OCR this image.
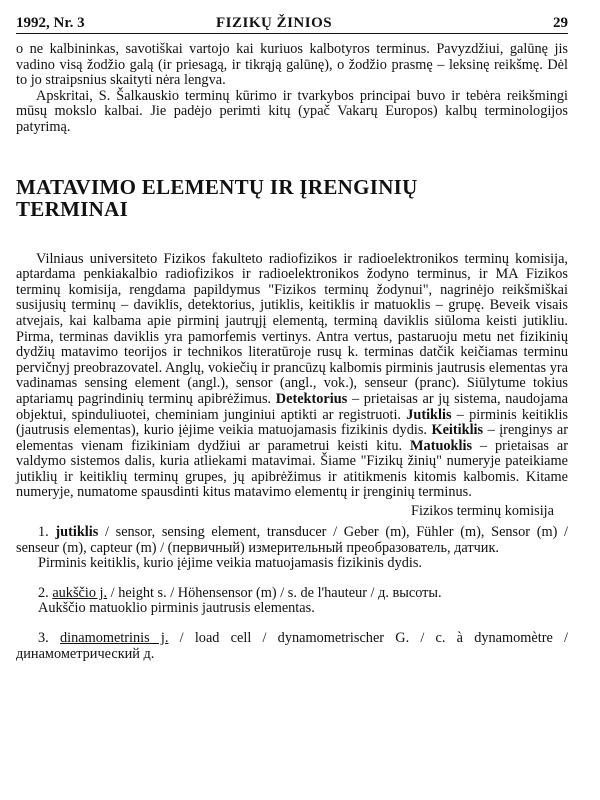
1992, Nr. 3	FIZIKŲ ŽINIOS	29

o ne kalbininkas, savotiškai vartojo kai kuriuos kalbotyros terminus. Pavyzdžiui, galūnę jis vadino visą žodžio galą (ir priesagą, ir tikrąją galūnę), o žodžio prasmę – leksinę reikšmę. Dėl to jo straipsnius skaityti nėra lengva.

Apskritai, S. Šalkauskio terminų kūrimo ir tvarkybos principai buvo ir tebėra reikšmingi mūsų mokslo kalbai. Jie padėjo perimti kitų (ypač Vakarų Europos) kalbų terminologijos patyrimą.

MATAVIMO ELEMENTŲ IR ĮRENGINIŲ TERMINAI

Vilniaus universiteto Fizikos fakulteto radiofizikos ir radioelektronikos terminų komisija, aptardama penkiakalbio radiofizikos ir radioelektronikos žodyno terminus, ir MA Fizikos terminų komisija, rengdama papildymus "Fizikos terminų žodynui", nagrinėjo reikšmiškai susijusių terminų – daviklis, detektorius, jutiklis, keitiklis ir matuoklis – grupę. Beveik visais atvejais, kai kalbama apie pirminį jautrųjį elementą, terminą daviklis siūloma keisti jutikliu. Pirma, terminas daviklis yra pamorfemis vertinys. Antra vertus, pastaruoju metu net fizikinių dydžių matavimo teorijos ir technikos literatūroje rusų k. terminas datčik keičiamas terminu pervičnyj preobrazovatel. Anglų, vokiečių ir prancūzų kalbomis pirminis jautrusis elementas yra vadinamas sensing element (angl.), sensor (angl., vok.), senseur (pranc). Siūlytume tokius aptariamų pagrindinių terminų apibrėžimus. Detektorius – prietaisas ar jų sistema, naudojama objektui, spinduliuotei, cheminiam junginiui aptikti ar registruoti. Jutiklis – pirminis keitiklis (jautrusis elementas), kurio įėjime veikia matuojamasis fizikinis dydis. Keitiklis – įrenginys ar elementas vienam fizikiniam dydžiui ar parametrui keisti kitu. Matuoklis – prietaisas ar valdymo sistemos dalis, kuria atliekami matavimai. Šiame "Fizikų žinių" numeryje pateikiame jutiklių ir keitiklių terminų grupes, jų apibrėžimus ir atitikmenis kitomis kalbomis. Kitame numeryje, numatome spausdinti kitus matavimo elementų ir įrenginių terminus.

Fizikos terminų komisija

1. jutiklis / sensor, sensing element, transducer / Geber (m), Fühler (m), Sensor (m) / senseur (m), capteur (m) / (первичный) измерительный преобразователь, датчик.

Pirminis keitiklis, kurio įėjime veikia matuojamasis fizikinis dydis.

2. aukščio j. / height s. / Höhensensor (m) / s. de l'hauteur / д. высоты.

Aukščio matuoklio pirminis jautrusis elementas.

3. dinamometrinis j. / load cell / dynamometrischer G. / c. à dynamomètre / динамометрический д.
